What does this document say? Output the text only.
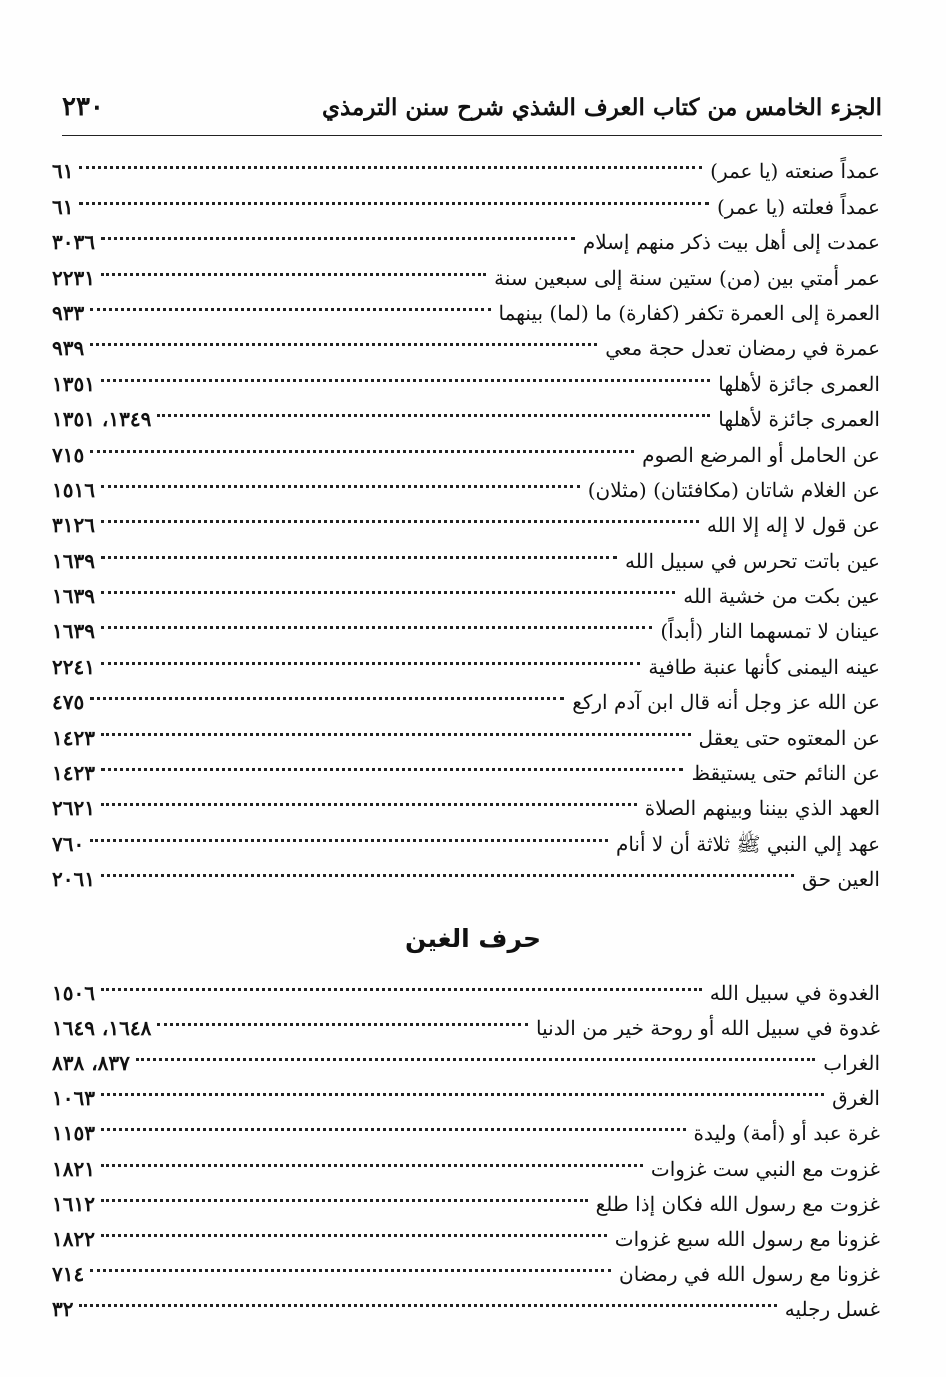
٢٣٠	الجزء الخامس من كتاب العرف الشذي شرح سنن الترمذي
عمداً صنعته (يا عمر)
٦١
عمداً فعلته (يا عمر)
٦١
عمدت إلى أهل بيت ذكر منهم إسلام
٣٠٣٦
عمر أمتي بين (من) ستين سنة إلى سبعين سنة
٢٢٣١
العمرة إلى العمرة تكفر (كفارة) ما (لما) بينهما
٩٣٣
عمرة في رمضان تعدل حجة معي
٩٣٩
العمرى جائزة لأهلها
١٣٥١
العمرى جائزة لأهلها
١٣٤٩، ١٣٥١
عن الحامل أو المرضع الصوم
٧١٥
عن الغلام شاتان (مكافئتان) (مثلان)
١٥١٦
عن قول لا إله إلا الله
٣١٢٦
عين باتت تحرس في سبيل الله
١٦٣٩
عين بكت من خشية الله
١٦٣٩
عينان لا تمسهما النار (أبداً)
١٦٣٩
عينه اليمنى كأنها عنبة طافية
٢٢٤١
عن الله عز وجل أنه قال ابن آدم اركع
٤٧٥
عن المعتوه حتى يعقل
١٤٢٣
عن النائم حتى يستيقظ
١٤٢٣
العهد الذي بيننا وبينهم الصلاة
٢٦٢١
عهد إلي النبي ﷺ ثلاثة أن لا أنام
٧٦٠
العين حق
٢٠٦١
حرف الغين
الغدوة في سبيل الله
١٥٠٦
غدوة في سبيل الله أو روحة خير من الدنيا
١٦٤٨، ١٦٤٩
الغراب
٨٣٧، ٨٣٨
الغرق
١٠٦٣
غرة عبد أو (أمة) وليدة
١١٥٣
غزوت مع النبي ست غزوات
١٨٢١
غزوت مع رسول الله فكان إذا طلع
١٦١٢
غزونا مع رسول الله سبع غزوات
١٨٢٢
غزونا مع رسول الله في رمضان
٧١٤
غسل رجليه
٣٢
